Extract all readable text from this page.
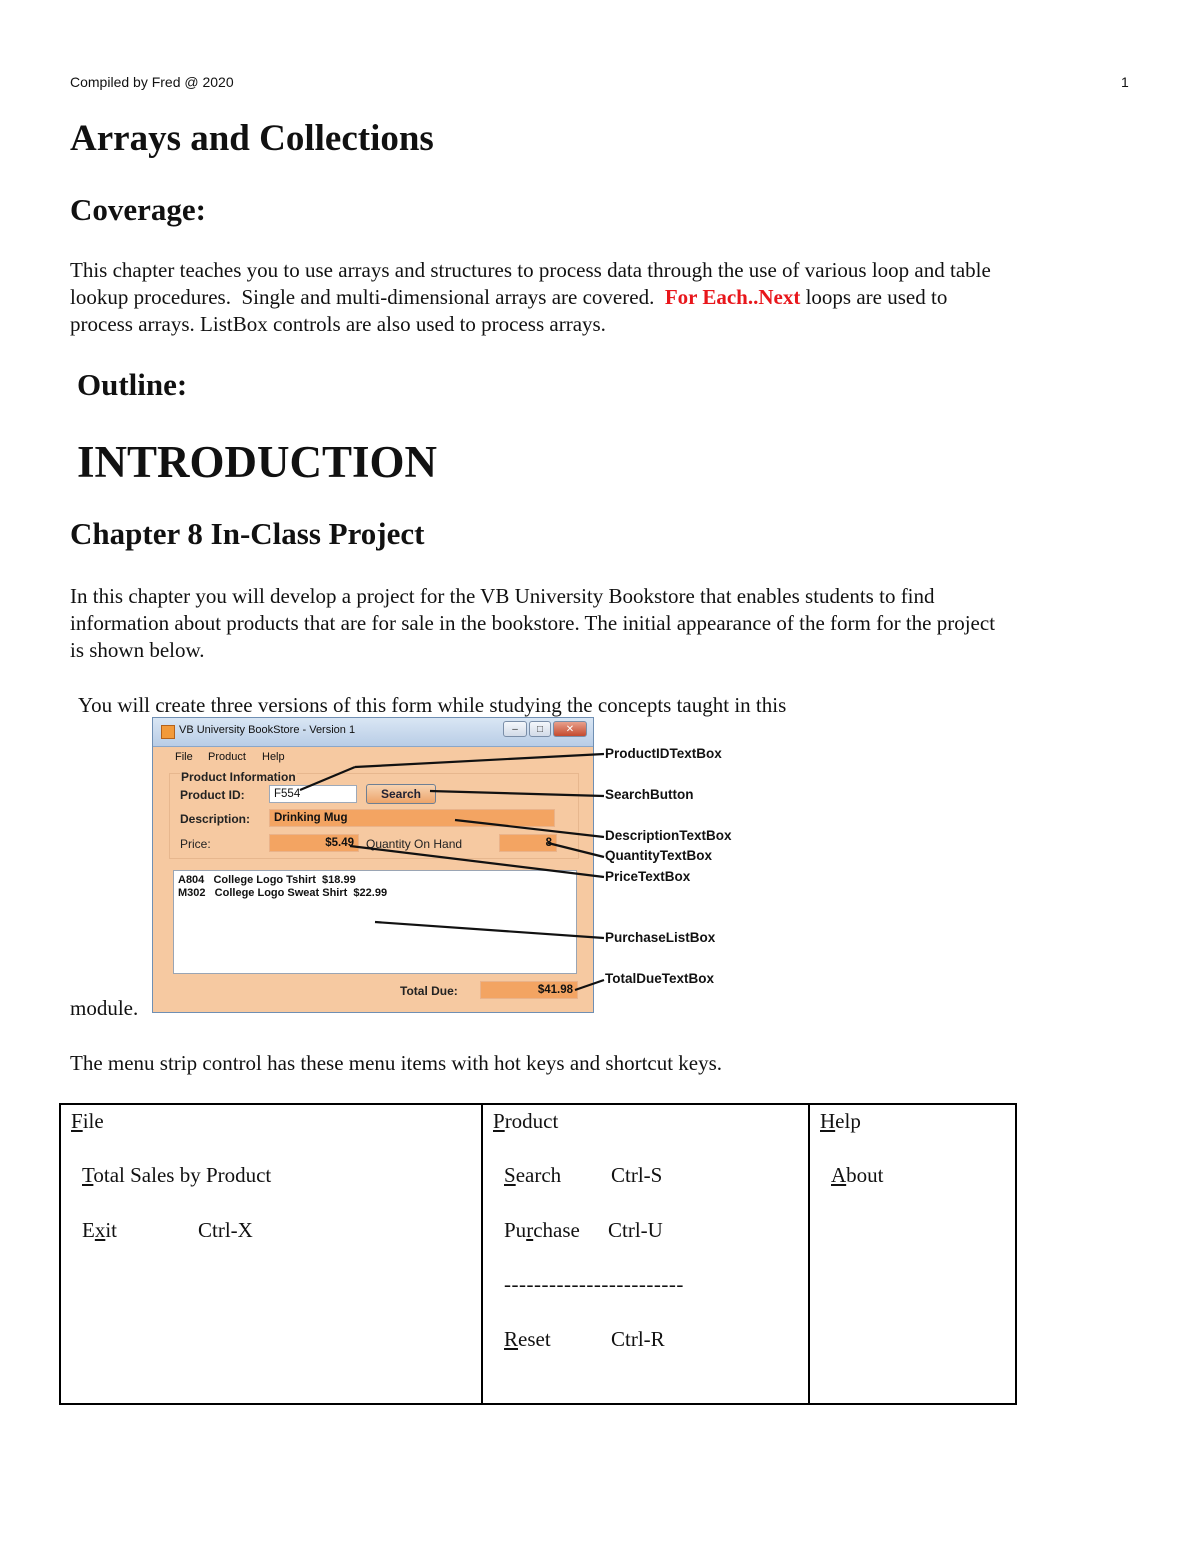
Compiled by Fred @ 2020	1
Arrays and Collections
Coverage:
This chapter teaches you to use arrays and structures to process data through the use of various loop and table
lookup procedures.  Single and multi-dimensional arrays are covered.  For Each..Next loops are used to
process arrays. ListBox controls are also used to process arrays.
Outline:
INTRODUCTION
Chapter 8 In-Class Project
In this chapter you will develop a project for the VB University Bookstore that enables students to find
information about products that are for sale in the bookstore. The initial appearance of the form for the project
is shown below.
You will create three versions of this form while studying the concepts taught in this
module.
VB University BookStore - Version 1	–	□	✕
File Product Help
Product Information
Product ID:	F554	Search
Description:	Drinking Mug
Price:	$5.49	Quantity On Hand	8
A804   College Logo Tshirt  $18.99
M302   College Logo Sweat Shirt  $22.99
Total Due:	$41.98
ProductIDTextBox
SearchButton
DescriptionTextBox
QuantityTextBox
PriceTextBox
PurchaseListBox
TotalDueTextBox
The menu strip control has these menu items with hot keys and shortcut keys.
File
Total Sales by Product
Exit	Ctrl-X

Product
Search Ctrl-S
Purchase Ctrl-U
------------------------
Reset	Ctrl-R

Help
About
